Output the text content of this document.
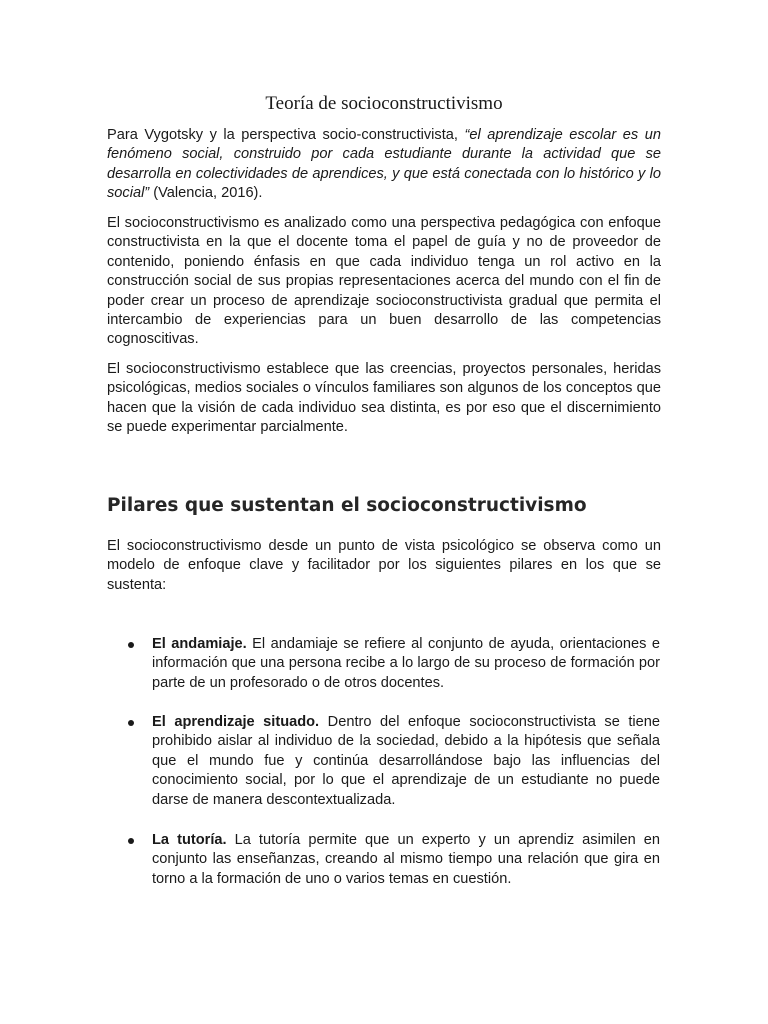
Teoría de socioconstructivismo

Para Vygotsky y la perspectiva socio-constructivista, “el aprendizaje escolar es un fenómeno social, construido por cada estudiante durante la actividad que se desarrolla en colectividades de aprendices, y que está conectada con lo histórico y lo social” (Valencia, 2016).

El socioconstructivismo es analizado como una perspectiva pedagógica con enfoque constructivista en la que el docente toma el papel de guía y no de proveedor de contenido, poniendo énfasis en que cada individuo tenga un rol activo en la construcción social de sus propias representaciones acerca del mundo con el fin de poder crear un proceso de aprendizaje socioconstructivista gradual que permita el intercambio de experiencias para un buen desarrollo de las competencias cognoscitivas.

El socioconstructivismo establece que las creencias, proyectos personales, heridas psicológicas, medios sociales o vínculos familiares son algunos de los conceptos que hacen que la visión de cada individuo sea distinta, es por eso que el discernimiento se puede experimentar parcialmente.

Pilares que sustentan el socioconstructivismo

El socioconstructivismo desde un punto de vista psicológico se observa como un modelo de enfoque clave y facilitador por los siguientes pilares en los que se sustenta:

El andamiaje. El andamiaje se refiere al conjunto de ayuda, orientaciones e información que una persona recibe a lo largo de su proceso de formación por parte de un profesorado o de otros docentes.

El aprendizaje situado. Dentro del enfoque socioconstructivista se tiene prohibido aislar al individuo de la sociedad, debido a la hipótesis que señala que el mundo fue y continúa desarrollándose bajo las influencias del conocimiento social, por lo que el aprendizaje de un estudiante no puede darse de manera descontextualizada.

La tutoría. La tutoría permite que un experto y un aprendiz asimilen en conjunto las enseñanzas, creando al mismo tiempo una relación que gira en torno a la formación de uno o varios temas en cuestión.
